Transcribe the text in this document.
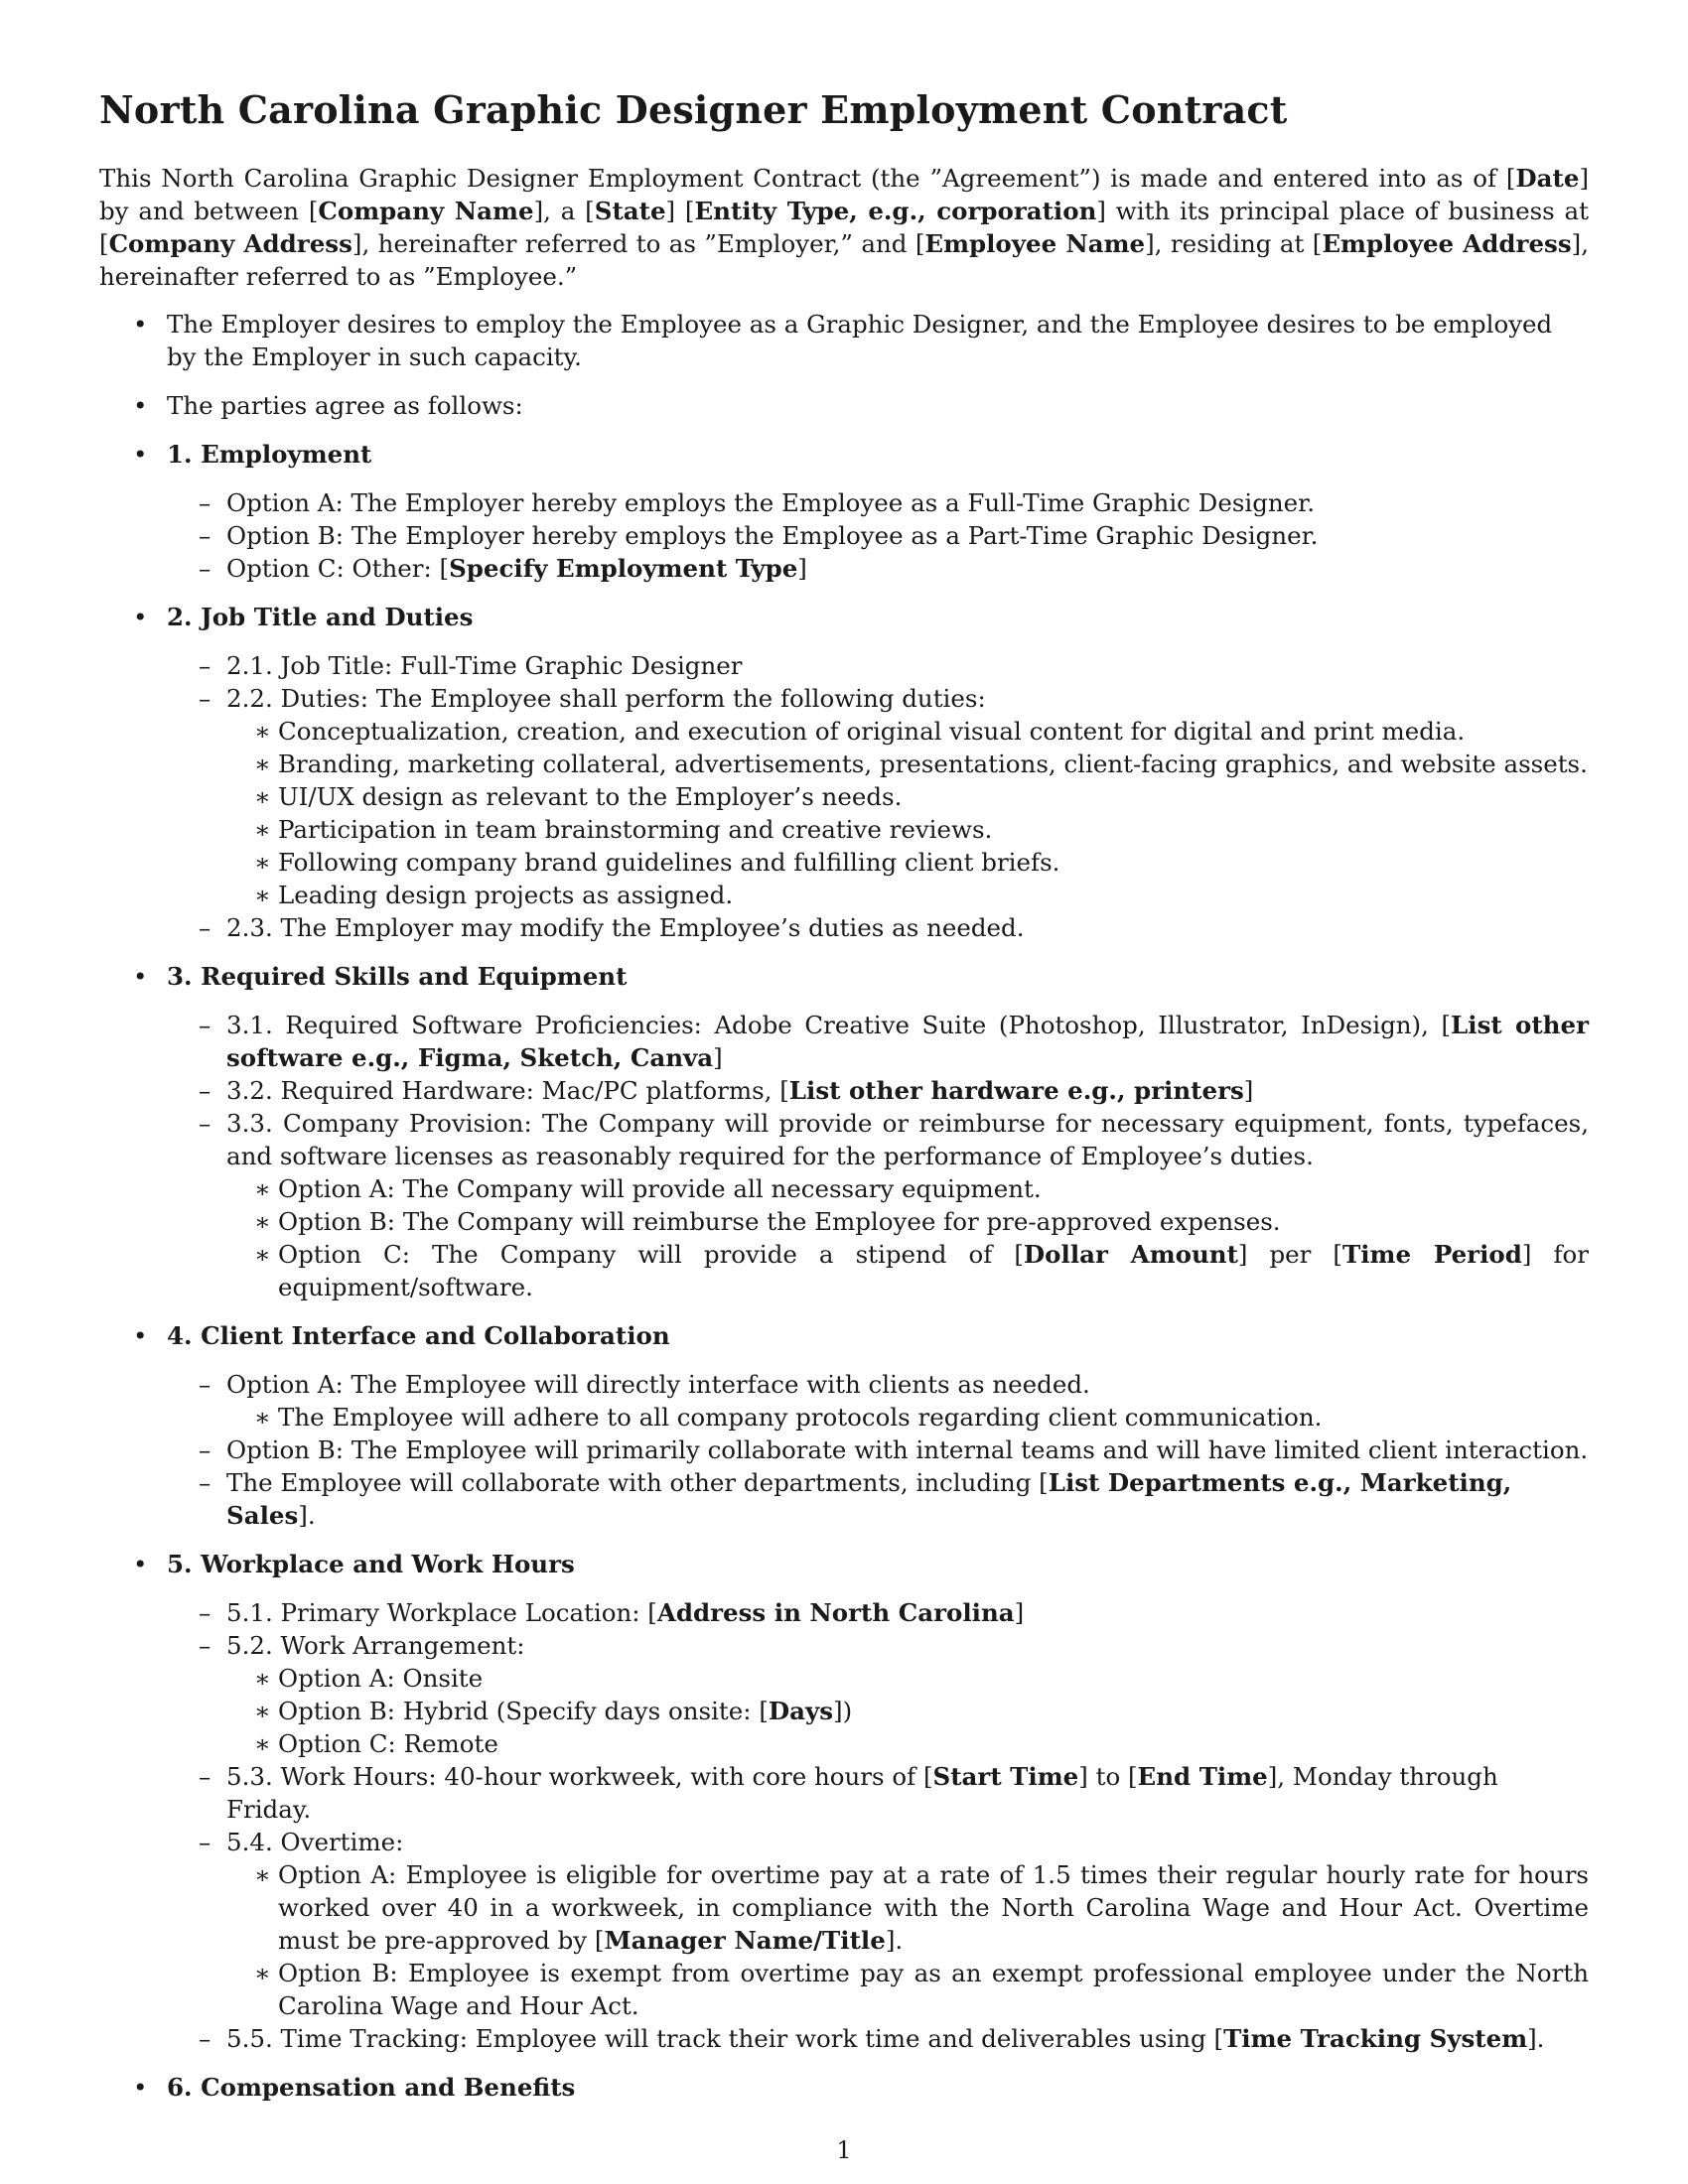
North Carolina Graphic Designer Employment Contract

This North Carolina Graphic Designer Employment Contract (the ”Agreement”) is made and entered into as of [Date] by and between [Company Name], a [State] [Entity Type, e.g., corporation] with its principal place of business at [Company Address], hereinafter referred to as ”Employer,” and [Employee Name], residing at [Employee Address], hereinafter referred to as ”Employee.”

• The Employer desires to employ the Employee as a Graphic Designer, and the Employee desires to be employed by the Employer in such capacity.
• The parties agree as follows:
• 1. Employment
– Option A: The Employer hereby employs the Employee as a Full-Time Graphic Designer.
– Option B: The Employer hereby employs the Employee as a Part-Time Graphic Designer.
– Option C: Other: [Specify Employment Type]
• 2. Job Title and Duties
– 2.1. Job Title: Full-Time Graphic Designer
– 2.2. Duties: The Employee shall perform the following duties:
∗ Conceptualization, creation, and execution of original visual content for digital and print media.
∗ Branding, marketing collateral, advertisements, presentations, client-facing graphics, and website assets.
∗ UI/UX design as relevant to the Employer’s needs.
∗ Participation in team brainstorming and creative reviews.
∗ Following company brand guidelines and fulfilling client briefs.
∗ Leading design projects as assigned.
– 2.3. The Employer may modify the Employee’s duties as needed.
• 3. Required Skills and Equipment
– 3.1. Required Software Proficiencies: Adobe Creative Suite (Photoshop, Illustrator, InDesign), [List other software e.g., Figma, Sketch, Canva]
– 3.2. Required Hardware: Mac/PC platforms, [List other hardware e.g., printers]
– 3.3. Company Provision: The Company will provide or reimburse for necessary equipment, fonts, typefaces, and software licenses as reasonably required for the performance of Employee’s duties.
∗ Option A: The Company will provide all necessary equipment.
∗ Option B: The Company will reimburse the Employee for pre-approved expenses.
∗ Option C: The Company will provide a stipend of [Dollar Amount] per [Time Period] for equipment/software.
• 4. Client Interface and Collaboration
– Option A: The Employee will directly interface with clients as needed.
∗ The Employee will adhere to all company protocols regarding client communication.
– Option B: The Employee will primarily collaborate with internal teams and will have limited client interaction.
– The Employee will collaborate with other departments, including [List Departments e.g., Marketing, Sales].
• 5. Workplace and Work Hours
– 5.1. Primary Workplace Location: [Address in North Carolina]
– 5.2. Work Arrangement:
∗ Option A: Onsite
∗ Option B: Hybrid (Specify days onsite: [Days])
∗ Option C: Remote
– 5.3. Work Hours: 40-hour workweek, with core hours of [Start Time] to [End Time], Monday through Friday.
– 5.4. Overtime:
∗ Option A: Employee is eligible for overtime pay at a rate of 1.5 times their regular hourly rate for hours worked over 40 in a workweek, in compliance with the North Carolina Wage and Hour Act. Overtime must be pre-approved by [Manager Name/Title].
∗ Option B: Employee is exempt from overtime pay as an exempt professional employee under the North Carolina Wage and Hour Act.
– 5.5. Time Tracking: Employee will track their work time and deliverables using [Time Tracking System].
• 6. Compensation and Benefits
1
